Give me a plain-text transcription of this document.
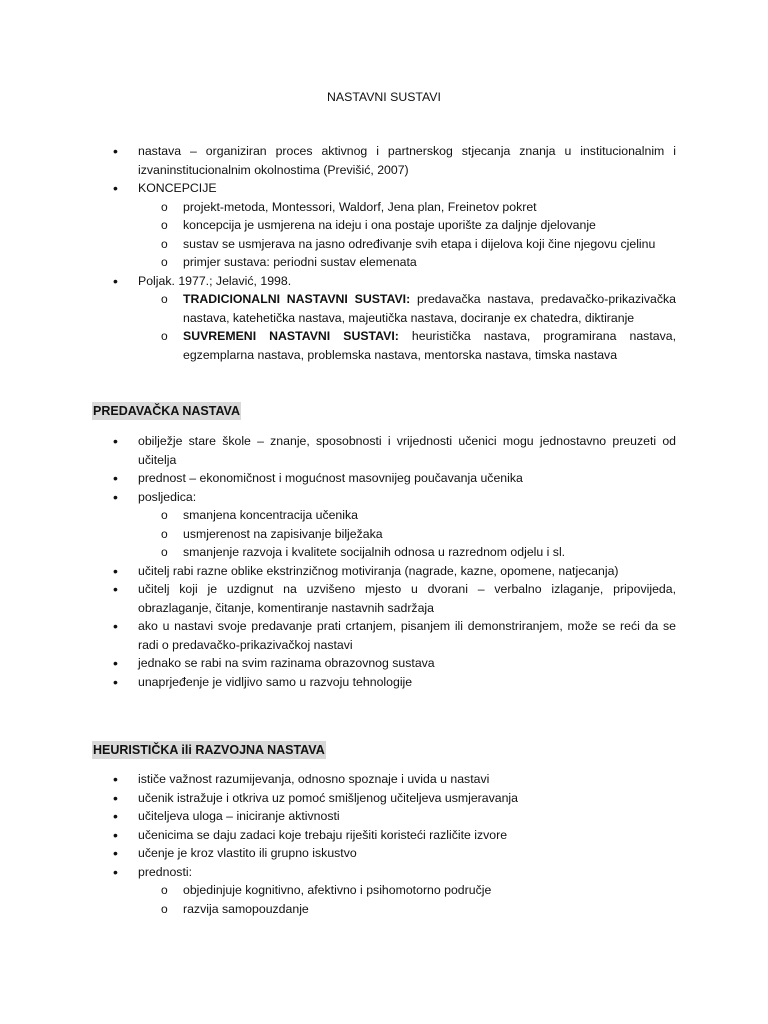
NASTAVNI SUSTAVI
• nastava – organiziran proces aktivnog i partnerskog stjecanja znanja u institucionalnim i izvaninstitucionalnim okolnostima (Previšić, 2007)
• KONCEPCIJE
o projekt-metoda, Montessori, Waldorf, Jena plan, Freinetov pokret
o koncepcija je usmjerena na ideju i ona postaje uporište za daljnje djelovanje
o sustav se usmjerava na jasno određivanje svih etapa i dijelova koji čine njegovu cjelinu
o primjer sustava: periodni sustav elemenata
• Poljak. 1977.; Jelavić, 1998.
o TRADICIONALNI NASTAVNI SUSTAVI: predavačka nastava, predavačko-prikazivačka nastava, katehetička nastava, majeutička nastava, dociranje ex chatedra, diktiranje
o SUVREMENI NASTAVNI SUSTAVI: heuristička nastava, programirana nastava, egzemplarna nastava, problemska nastava, mentorska nastava, timska nastava
PREDAVAČKA NASTAVA
• obilježje stare škole – znanje, sposobnosti i vrijednosti učenici mogu jednostavno preuzeti od učitelja
• prednost – ekonomičnost i mogućnost masovnijeg poučavanja učenika
• posljedica:
o smanjena koncentracija učenika
o usmjerenost na zapisivanje bilježaka
o smanjenje razvoja i kvalitete socijalnih odnosa u razrednom odjelu i sl.
• učitelj rabi razne oblike ekstrinzičnog motiviranja (nagrade, kazne, opomene, natjecanja)
• učitelj koji je uzdignut na uzvišeno mjesto u dvorani – verbalno izlaganje, pripovijeda, obrazlaganje, čitanje, komentiranje nastavnih sadržaja
• ako u nastavi svoje predavanje prati crtanjem, pisanjem ili demonstriranjem, može se reći da se radi o predavačko-prikazivačkoj nastavi
• jednako se rabi na svim razinama obrazovnog sustava
• unaprjeđenje je vidljivo samo u razvoju tehnologije
HEURISTIČKA ili RAZVOJNA NASTAVA
• ističe važnost razumijevanja, odnosno spoznaje i uvida u nastavi
• učenik istražuje i otkriva uz pomoć smišljenog učiteljeva usmjeravanja
• učiteljeva uloga – iniciranje aktivnosti
• učenicima se daju zadaci koje trebaju riješiti koristeći različite izvore
• učenje je kroz vlastito ili grupno iskustvo
• prednosti:
o objedinjuje kognitivno, afektivno i psihomotorno područje
o razvija samopouzdanje
